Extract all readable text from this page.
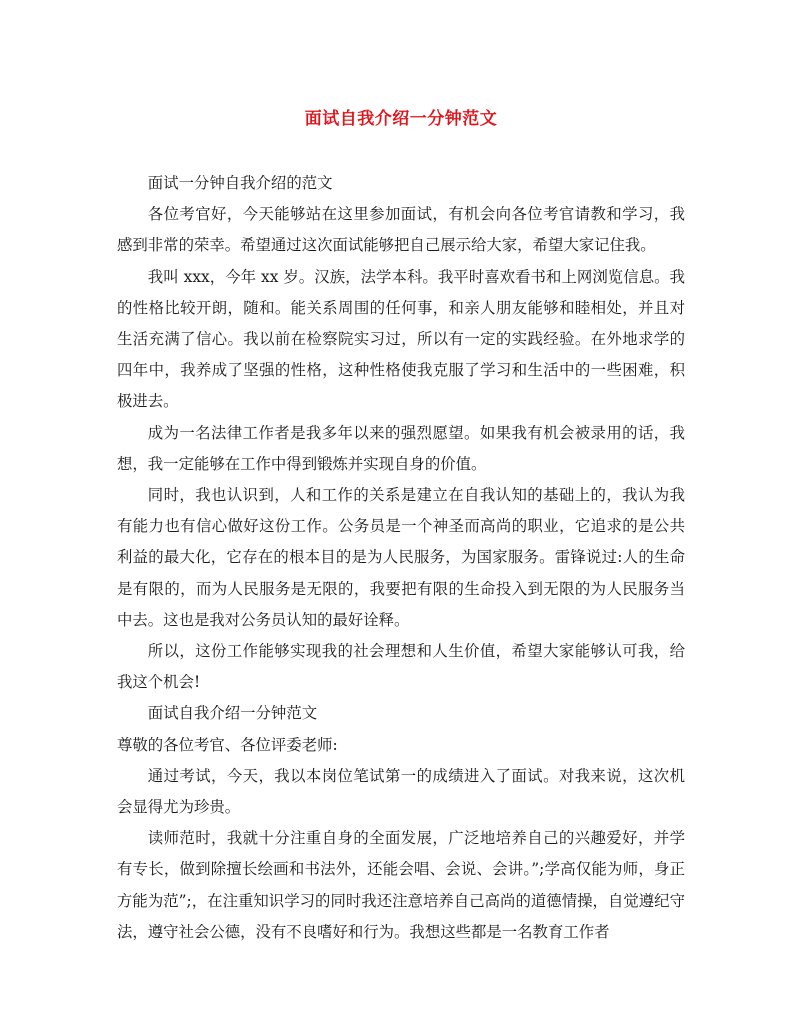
面试自我介绍一分钟范文

面试一分钟自我介绍的范文

各位考官好，今天能够站在这里参加面试，有机会向各位考官请教和学习，我感到非常的荣幸。希望通过这次面试能够把自己展示给大家，希望大家记住我。

我叫 xxx，今年 xx 岁。汉族，法学本科。我平时喜欢看书和上网浏览信息。我的性格比较开朗，随和。能关系周围的任何事，和亲人朋友能够和睦相处，并且对生活充满了信心。我以前在检察院实习过，所以有一定的实践经验。在外地求学的四年中，我养成了坚强的性格，这种性格使我克服了学习和生活中的一些困难，积极进去。

成为一名法律工作者是我多年以来的强烈愿望。如果我有机会被录用的话，我想，我一定能够在工作中得到锻炼并实现自身的价值。

同时，我也认识到，人和工作的关系是建立在自我认知的基础上的，我认为我有能力也有信心做好这份工作。公务员是一个神圣而高尚的职业，它追求的是公共利益的最大化，它存在的根本目的是为人民服务，为国家服务。雷锋说过:人的生命是有限的，而为人民服务是无限的，我要把有限的生命投入到无限的为人民服务当中去。这也是我对公务员认知的最好诠释。

所以，这份工作能够实现我的社会理想和人生价值，希望大家能够认可我，给我这个机会!

面试自我介绍一分钟范文

尊敬的各位考官、各位评委老师:

通过考试，今天，我以本岗位笔试第一的成绩进入了面试。对我来说，这次机会显得尤为珍贵。

读师范时，我就十分注重自身的全面发展，广泛地培养自己的兴趣爱好，并学有专长，做到除擅长绘画和书法外，还能会唱、会说、会讲。”;学高仅能为师，身正方能为范”;，在注重知识学习的同时我还注意培养自己高尚的道德情操，自觉遵纪守法，遵守社会公德，没有不良嗜好和行为。我想这些都是一名教育工作者
